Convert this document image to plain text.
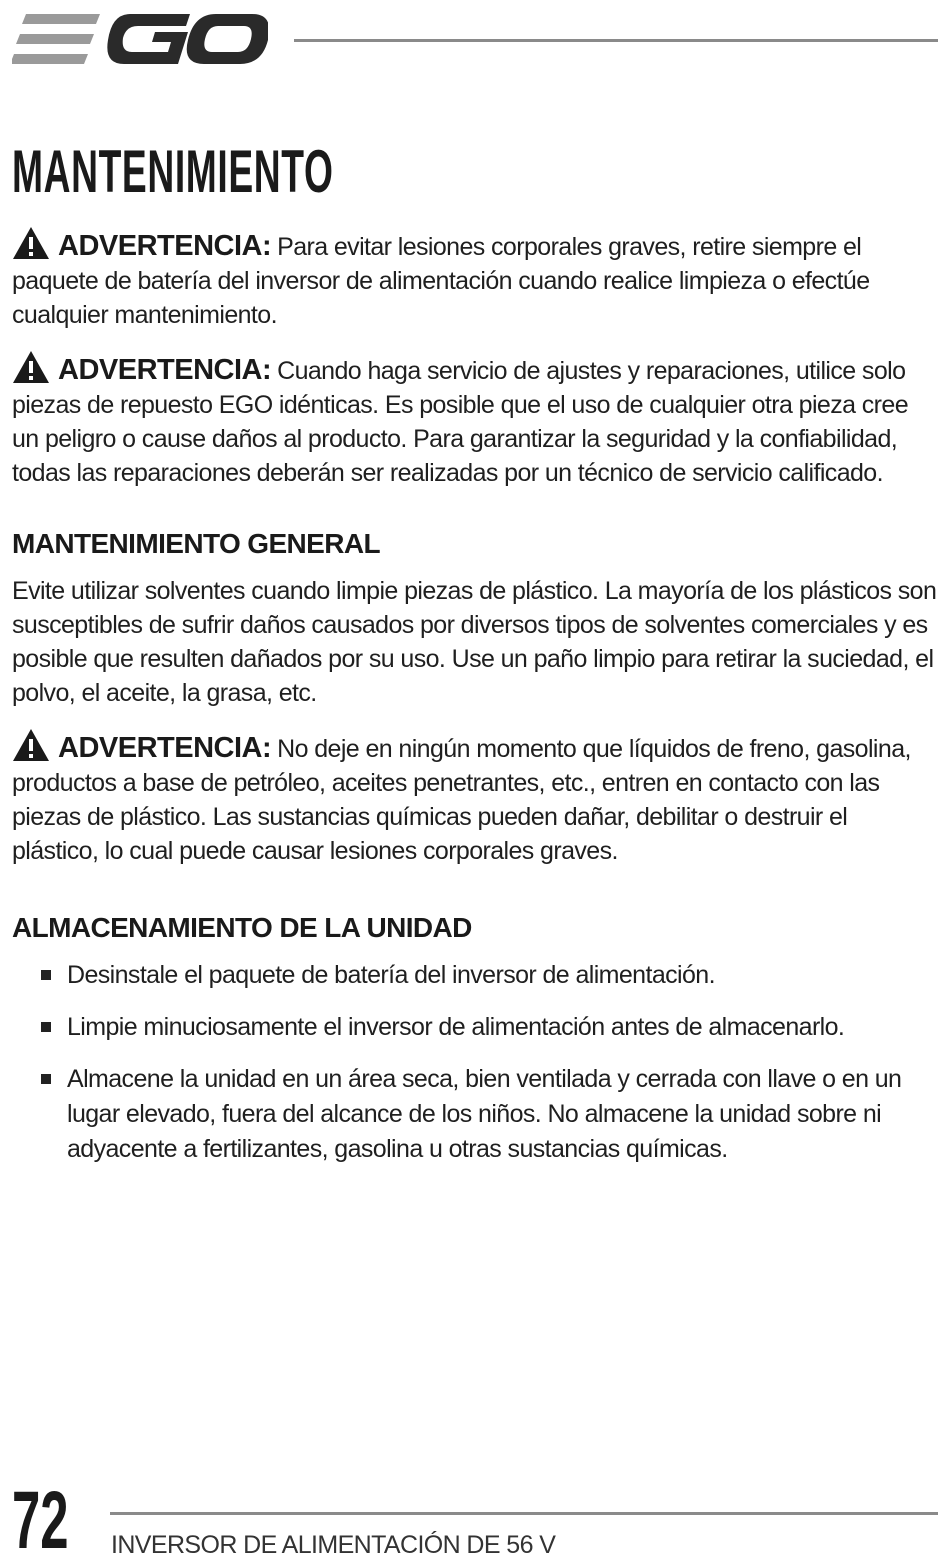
MANTENIMIENTO

ADVERTENCIA: Para evitar lesiones corporales graves, retire siempre el paquete de batería del inversor de alimentación cuando realice limpieza o efectúe cualquier mantenimiento.

ADVERTENCIA: Cuando haga servicio de ajustes y reparaciones, utilice solo piezas de repuesto EGO idénticas. Es posible que el uso de cualquier otra pieza cree un peligro o cause daños al producto. Para garantizar la seguridad y la confiabilidad, todas las reparaciones deberán ser realizadas por un técnico de servicio calificado.

MANTENIMIENTO GENERAL

Evite utilizar solventes cuando limpie piezas de plástico. La mayoría de los plásticos son susceptibles de sufrir daños causados por diversos tipos de solventes comerciales y es posible que resulten dañados por su uso. Use un paño limpio para retirar la suciedad, el polvo, el aceite, la grasa, etc.

ADVERTENCIA: No deje en ningún momento que líquidos de freno, gasolina, productos a base de petróleo, aceites penetrantes, etc., entren en contacto con las piezas de plástico. Las sustancias químicas pueden dañar, debilitar o destruir el plástico, lo cual puede causar lesiones corporales graves.

ALMACENAMIENTO DE LA UNIDAD
Desinstale el paquete de batería del inversor de alimentación.
Limpie minuciosamente el inversor de alimentación antes de almacenarlo.
Almacene la unidad en un área seca, bien ventilada y cerrada con llave o en un lugar elevado, fuera del alcance de los niños. No almacene la unidad sobre ni adyacente a fertilizantes, gasolina u otras sustancias químicas.
72 INVERSOR DE ALIMENTACIÓN DE 56 V
